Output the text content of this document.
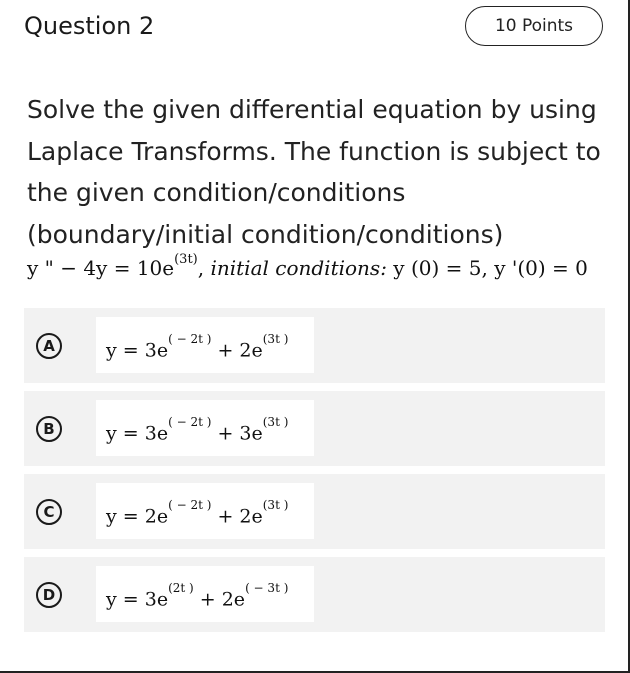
Question 2	10 Points
Solve the given differential equation by using Laplace Transforms. The function is subject to the given condition/conditions (boundary/initial condition/conditions)
y " − $4y = 10e^{(3t)}$, initial conditions: y (0) = 5, y '(0) = 0
A	$y = 3e^{( - 2t )} + 2e^{(3t )}$
B	$y = 3e^{( - 2t )} + 3e^{(3t )}$
C	$y = 2e^{( - 2t )} + 2e^{(3t )}$
D	$y = 3e^{(2t )} + 2e^{( - 3t )}$
